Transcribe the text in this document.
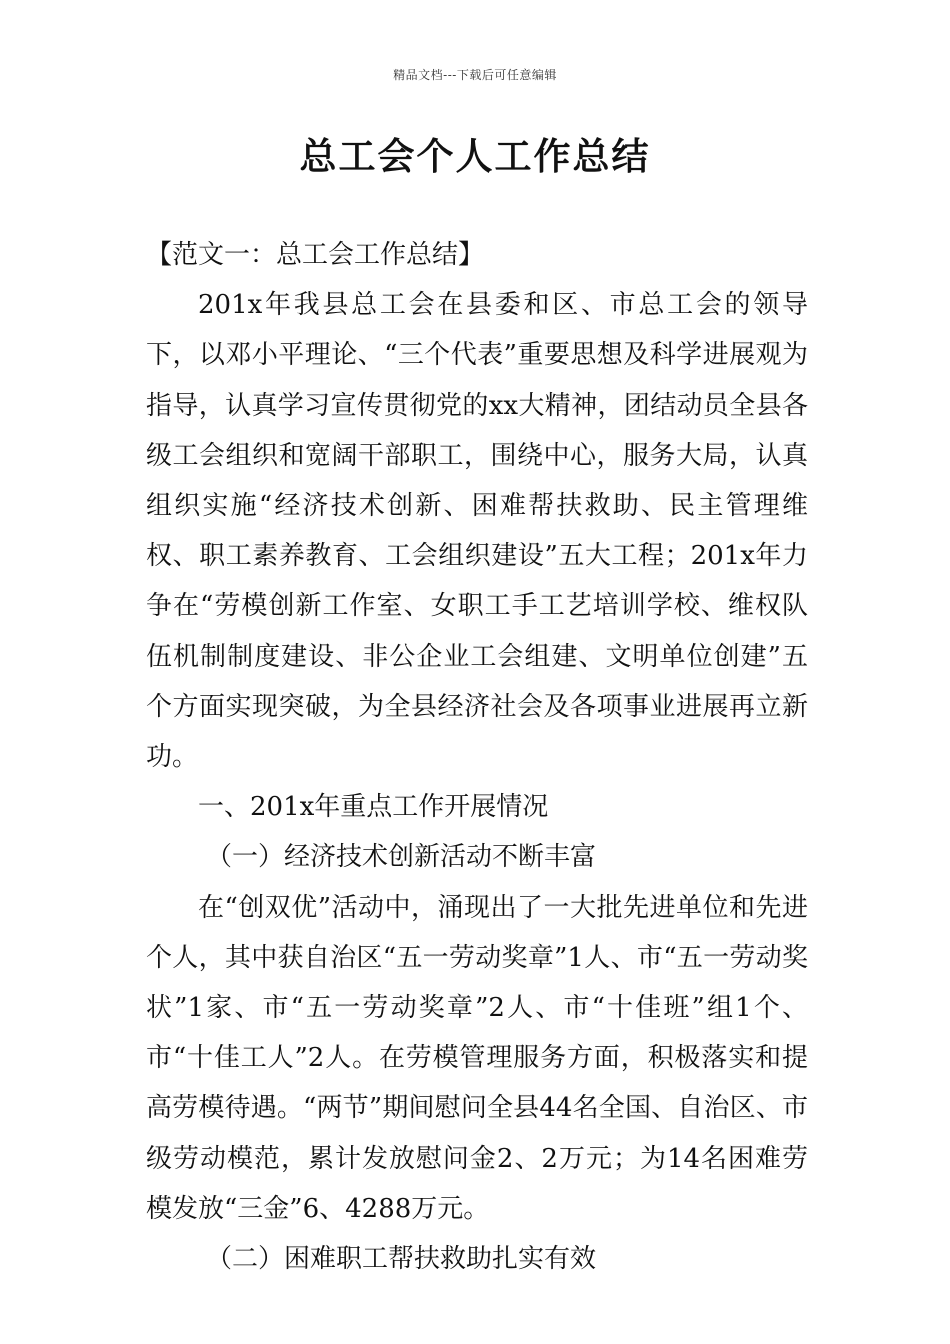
精品文档---下载后可任意编辑
总工会个人工作总结

【范文一：总工会工作总结】

201x年我县总工会在县委和区、市总工会的领导下，以邓小平理论、“三个代表”重要思想及科学进展观为指导，认真学习宣传贯彻党的xx大精神，团结动员全县各级工会组织和宽阔干部职工，围绕中心，服务大局，认真组织实施“经济技术创新、困难帮扶救助、民主管理维权、职工素养教育、工会组织建设”五大工程；201x年力争在“劳模创新工作室、女职工手工艺培训学校、维权队伍机制制度建设、非公企业工会组建、文明单位创建”五个方面实现突破，为全县经济社会及各项事业进展再立新功。

一、201x年重点工作开展情况

（一）经济技术创新活动不断丰富

在“创双优”活动中，涌现出了一大批先进单位和先进个人，其中获自治区“五一劳动奖章”1人、市“五一劳动奖状”1家、市“五一劳动奖章”2人、市“十佳班”组1个、市“十佳工人”2人。在劳模管理服务方面，积极落实和提高劳模待遇。“两节”期间慰问全县44名全国、自治区、市级劳动模范，累计发放慰问金2、2万元；为14名困难劳模发放“三金”6、4288万元。

（二）困难职工帮扶救助扎实有效
